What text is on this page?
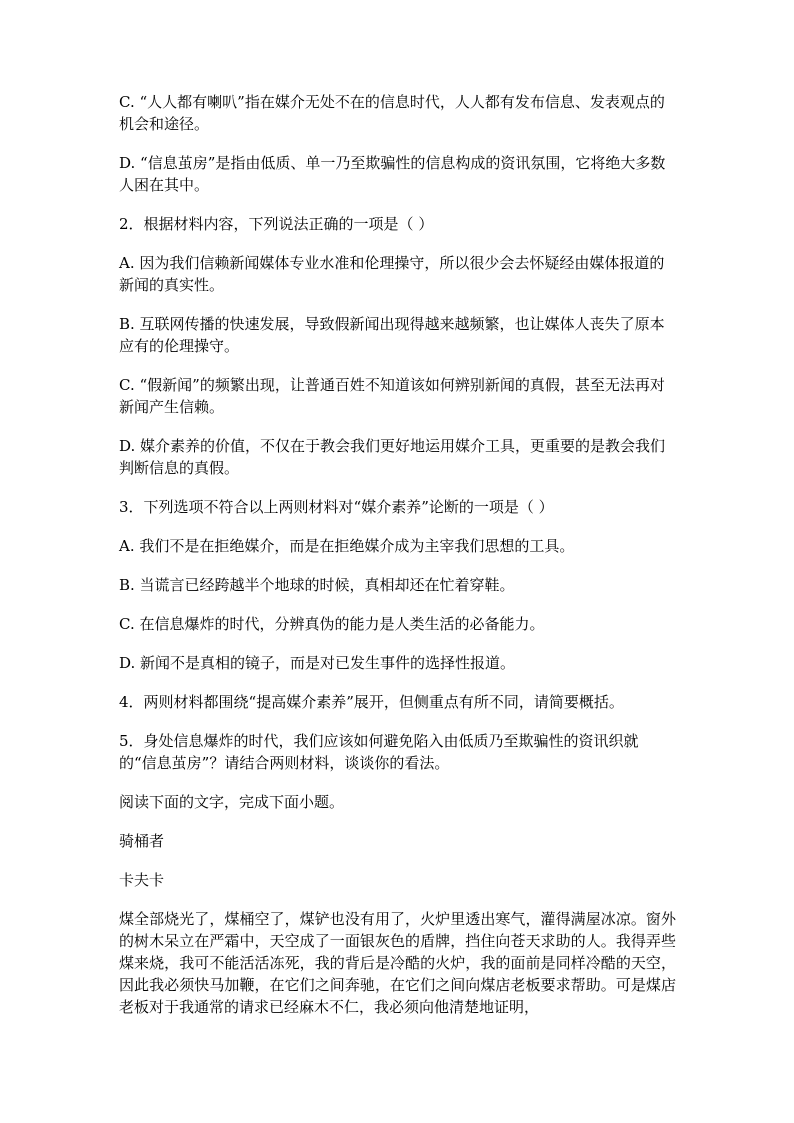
C. “人人都有喇叭”指在媒介无处不在的信息时代，人人都有发布信息、发表观点的机会和途径。

D. “信息茧房”是指由低质、单一乃至欺骗性的信息构成的资讯氛围，它将绝大多数人困在其中。

2．根据材料内容，下列说法正确的一项是（ ）

A. 因为我们信赖新闻媒体专业水准和伦理操守，所以很少会去怀疑经由媒体报道的新闻的真实性。

B. 互联网传播的快速发展，导致假新闻出现得越来越频繁，也让媒体人丧失了原本应有的伦理操守。

C. “假新闻”的频繁出现，让普通百姓不知道该如何辨别新闻的真假，甚至无法再对新闻产生信赖。

D. 媒介素养的价值，不仅在于教会我们更好地运用媒介工具，更重要的是教会我们判断信息的真假。

3．下列选项不符合以上两则材料对“媒介素养”论断的一项是（ ）

A. 我们不是在拒绝媒介，而是在拒绝媒介成为主宰我们思想的工具。

B. 当谎言已经跨越半个地球的时候，真相却还在忙着穿鞋。

C. 在信息爆炸的时代，分辨真伪的能力是人类生活的必备能力。

D. 新闻不是真相的镜子，而是对已发生事件的选择性报道。

4．两则材料都围绕“提高媒介素养”展开，但侧重点有所不同，请简要概括。

5．身处信息爆炸的时代，我们应该如何避免陷入由低质乃至欺骗性的资讯织就的“信息茧房”？请结合两则材料，谈谈你的看法。

阅读下面的文字，完成下面小题。

骑桶者

卡夫卡

煤全部烧光了，煤桶空了，煤铲也没有用了，火炉里透出寒气，灌得满屋冰凉。窗外的树木呆立在严霜中，天空成了一面银灰色的盾牌，挡住向苍天求助的人。我得弄些煤来烧，我可不能活活冻死，我的背后是冷酷的火炉，我的面前是同样冷酷的天空，因此我必须快马加鞭，在它们之间奔驰，在它们之间向煤店老板要求帮助。可是煤店老板对于我通常的请求已经麻木不仁，我必须向他清楚地证明，
